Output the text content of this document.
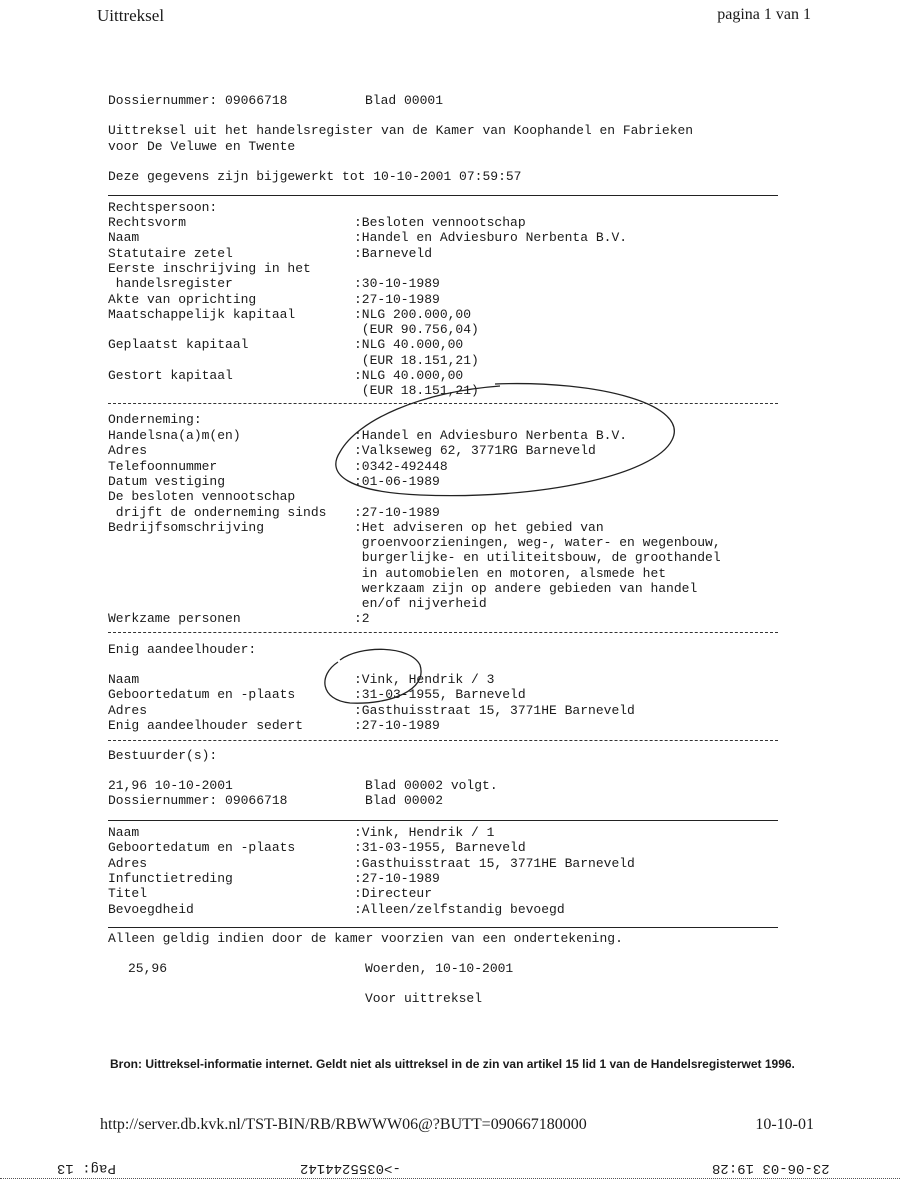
Uittreksel	pagina 1 van 1
Dossiernummer: 09066718	Blad 00001
Uittreksel uit het handelsregister van de Kamer van Koophandel en Fabrieken
voor De Veluwe en Twente
Deze gegevens zijn bijgewerkt tot 10-10-2001 07:59:57
Rechtspersoon:
Rechtsvorm	:Besloten vennootschap
Naam	:Handel en Adviesburo Nerbenta B.V.
Statutaire zetel	:Barneveld
Eerste inschrijving in het
handelsregister	:30-10-1989
Akte van oprichting	:27-10-1989
Maatschappelijk kapitaal	:NLG 200.000,00
(EUR 90.756,04)
Geplaatst kapitaal	:NLG 40.000,00
(EUR 18.151,21)
Gestort kapitaal	:NLG 40.000,00
(EUR 18.151,21)
Onderneming:
Handelsna(a)m(en)	:Handel en Adviesburo Nerbenta B.V.
Adres	:Valkseweg 62, 3771RG Barneveld
Telefoonnummer	:0342-492448
Datum vestiging	:01-06-1989
De besloten vennootschap
drijft de onderneming sinds :27-10-1989
Bedrijfsomschrijving	:Het adviseren op het gebied van
groenvoorzieningen, weg-, water- en wegenbouw,
burgerlijke- en utiliteitsbouw, de groothandel
in automobielen en motoren, alsmede het
werkzaam zijn op andere gebieden van handel
en/of nijverheid
Werkzame personen	:2
Enig aandeelhouder:
Naam	:Vink, Hendrik / 3
Geboortedatum en -plaats	:31-03-1955, Barneveld
Adres	:Gasthuisstraat 15, 3771HE Barneveld
Enig aandeelhouder sedert	:27-10-1989
Bestuurder(s):
21,96 10-10-2001	Blad 00002 volgt.
Dossiernummer: 09066718	Blad 00002
Naam	:Vink, Hendrik / 1
Geboortedatum en -plaats	:31-03-1955, Barneveld
Adres	:Gasthuisstraat 15, 3771HE Barneveld
Infunctietreding	:27-10-1989
Titel	:Directeur
Bevoegdheid	:Alleen/zelfstandig bevoegd
Alleen geldig indien door de kamer voorzien van een ondertekening.
25,96	Woerden, 10-10-2001
Voor uittreksel
Bron: Uittreksel-informatie internet. Geldt niet als uittreksel in de zin van artikel 15 lid 1 van de Handelsregisterwet 1996.
http://server.db.kvk.nl/TST-BIN/RB/RBWWW06@?BUTT=090667180000	10-10-01
Pag: 13	->0355244142	23-06-03 19:28
